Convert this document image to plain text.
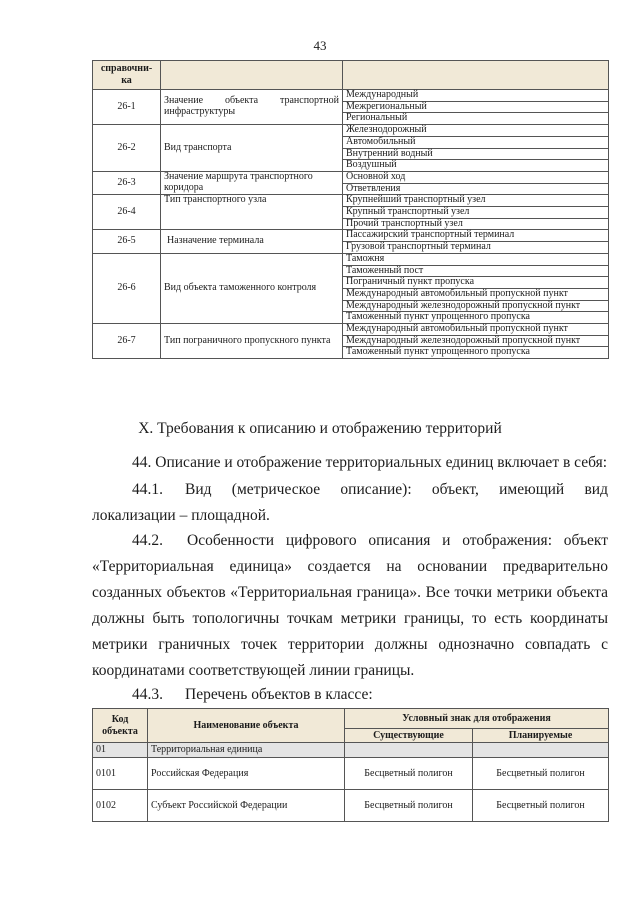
43
справочни-ка		
26-1	Значение объекта транспортной инфраструктуры	Международный
		Межрегиональный
		Региональный
26-2	Вид транспорта	Железнодорожный
		Автомобильный
		Внутренний водный
		Воздушный
26-3	Значение маршрута транспортного коридора	Основной ход
		Ответвления
26-4	Тип транспортного узла	Крупнейший транспортный узел
		Крупный транспортный узел
		Прочий транспортный узел
26-5	Назначение терминала	Пассажирский транспортный терминал
		Грузовой транспортный терминал
26-6	Вид объекта таможенного контроля	Таможня
		Таможенный пост
		Пограничный пункт пропуска
		Международный автомобильный пропускной пункт
		Международный железнодорожный пропускной пункт
		Таможенный пункт упрощенного пропуска
26-7	Тип пограничного пропускного пункта	Международный автомобильный пропускной пункт
		Международный железнодорожный пропускной пункт
		Таможенный пункт упрощенного пропуска
X. Требования к описанию и отображению территорий
44. Описание и отображение территориальных единиц включает в себя:
44.1. Вид (метрическое описание): объект, имеющий вид локализации – площадной.
44.2. Особенности цифрового описания и отображения: объект «Территориальная единица» создается на основании предварительно созданных объектов «Территориальная граница». Все точки метрики объекта должны быть топологичны точкам метрики границы, то есть координаты метрики граничных точек территории должны однозначно совпадать с координатами соответствующей линии границы.
44.3. Перечень объектов в классе:
Код объекта	Наименование объекта	Условный знак для отображения	
		Существующие	Планируемые
01	Территориальная единица		
0101	Российская Федерация	Бесцветный полигон	Бесцветный полигон
0102	Субъект Российской Федерации	Бесцветный полигон	Бесцветный полигон
